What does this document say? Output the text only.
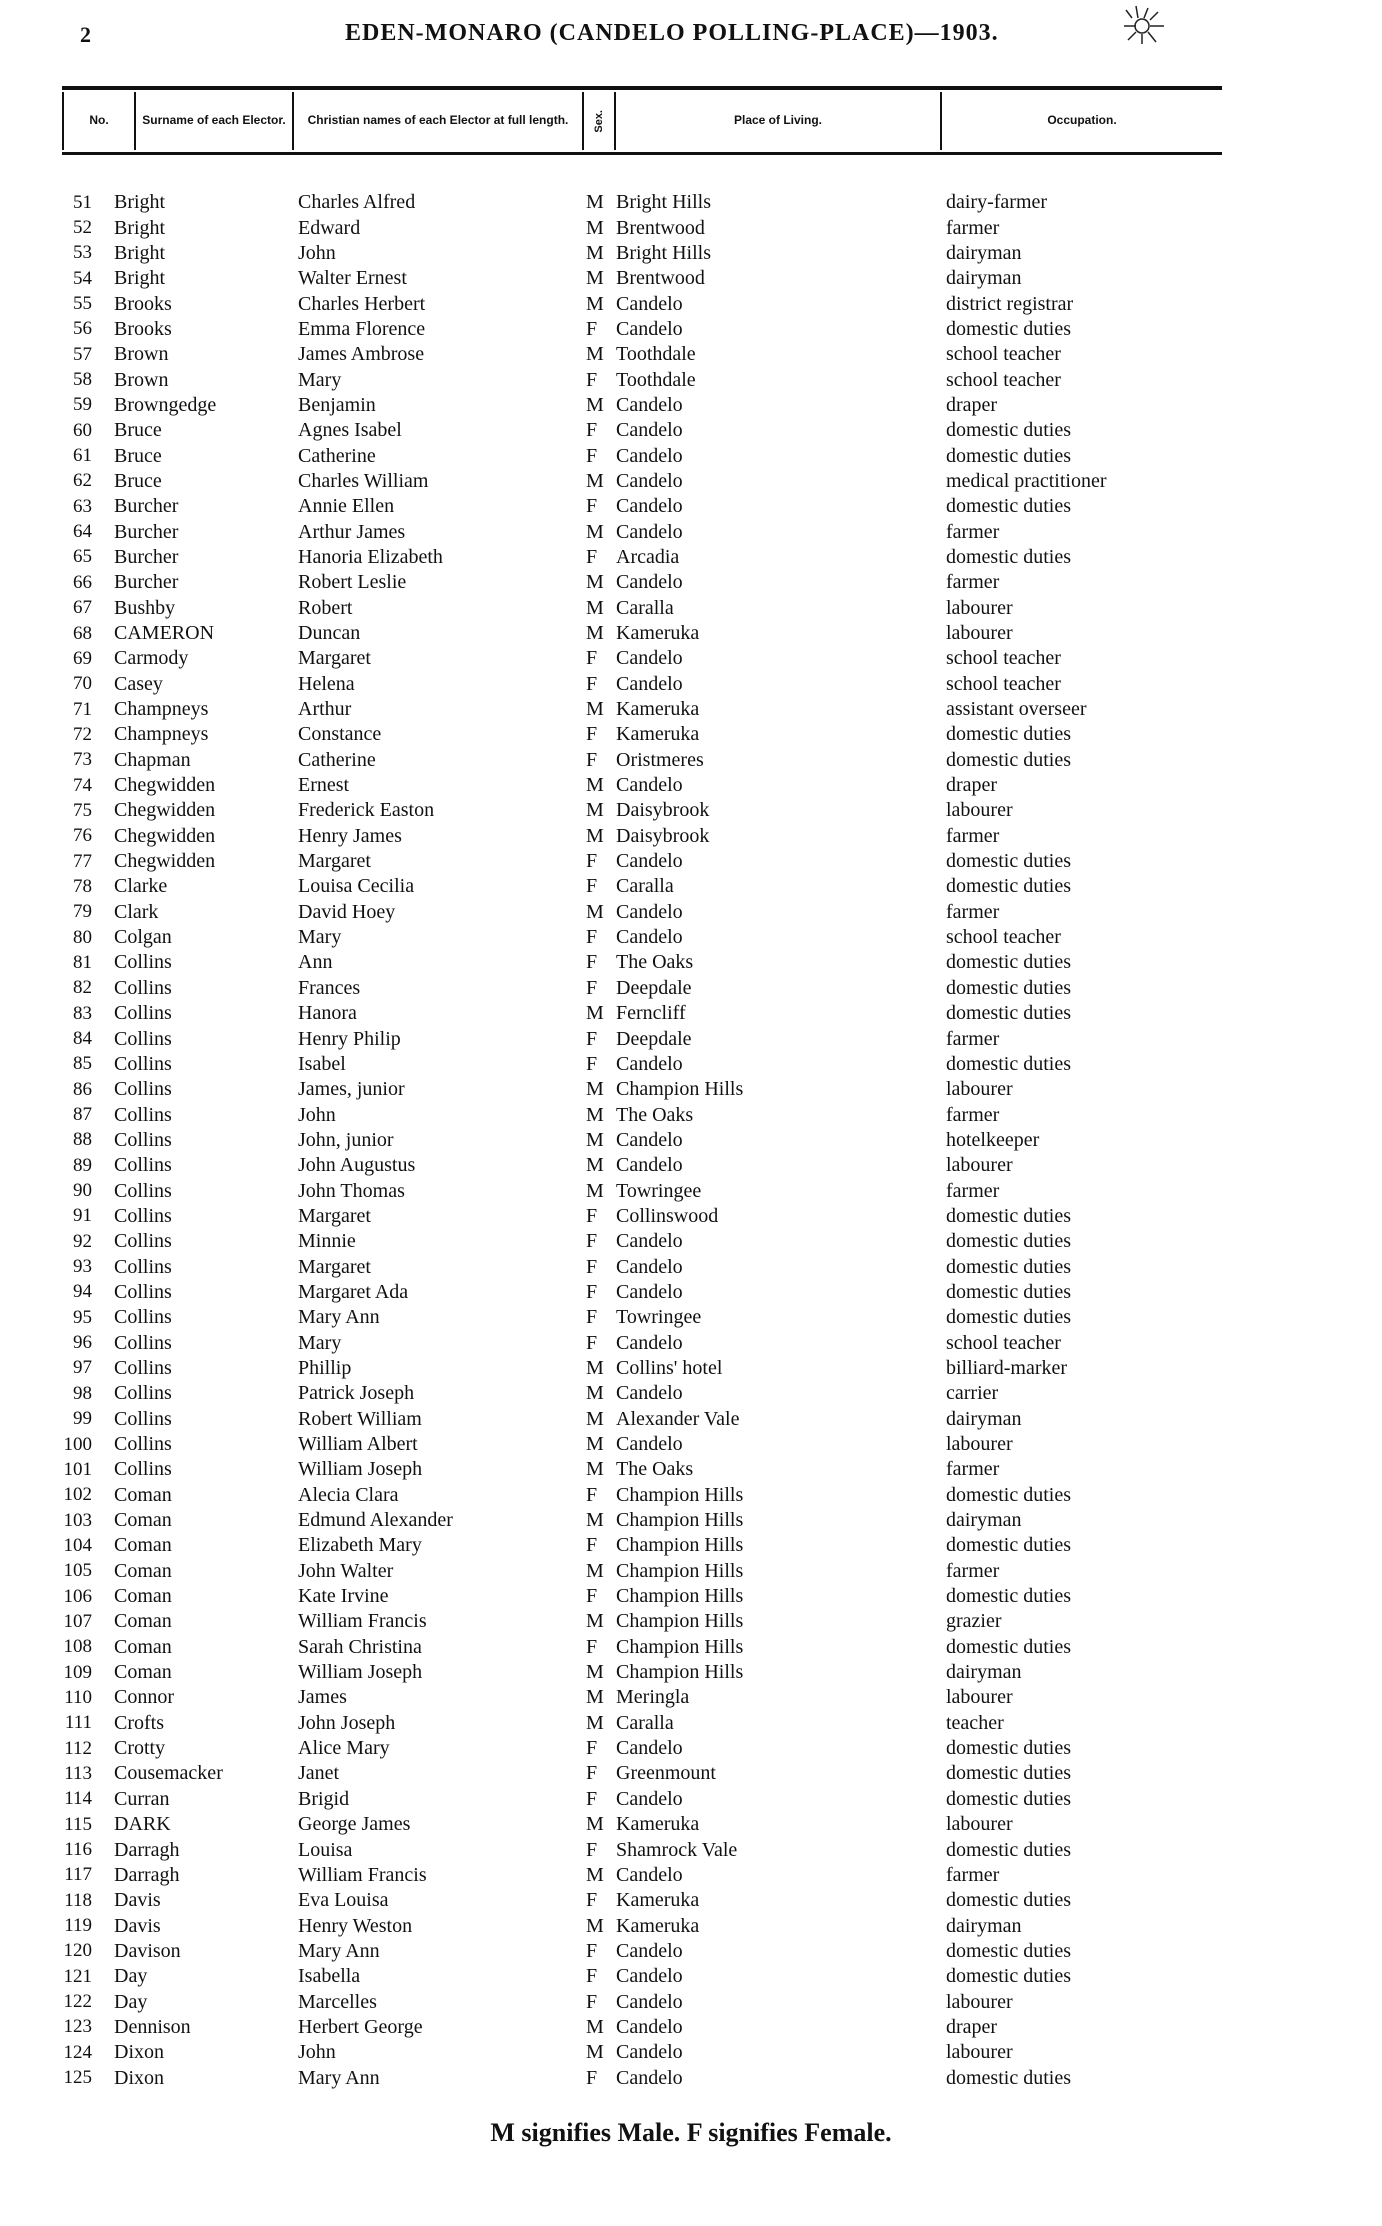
2	EDEN-MONARO (CANDELO POLLING-PLACE)—1903.
No.	Surname of each Elector.	Christian names of each Elector at full length.	Sex.	Place of Living.	Occupation.
51	Bright	Charles Alfred	M Bright Hills	dairy-farmer
52	Bright	Edward	M Brentwood	farmer
53	Bright	John	M Bright Hills	dairyman
54	Bright	Walter Ernest	M Brentwood	dairyman
55	Brooks	Charles Herbert	M Candelo	district registrar
56	Brooks	Emma Florence	F Candelo	domestic duties
57	Brown	James Ambrose	M Toothdale	school teacher
58	Brown	Mary	F Toothdale	school teacher
59	Browngedge	Benjamin	M Candelo	draper
60	Bruce	Agnes Isabel	F Candelo	domestic duties
61	Bruce	Catherine	F Candelo	domestic duties
62	Bruce	Charles William	M Candelo	medical practitioner
63	Burcher	Annie Ellen	F Candelo	domestic duties
64	Burcher	Arthur James	M Candelo	farmer
65	Burcher	Hanoria Elizabeth	F Arcadia	domestic duties
66	Burcher	Robert Leslie	M Candelo	farmer
67	Bushby	Robert	M Caralla	labourer
68	CAMERON	Duncan	M Kameruka	labourer
69	Carmody	Margaret	F Candelo	school teacher
70	Casey	Helena	F Candelo	school teacher
71	Champneys	Arthur	M Kameruka	assistant overseer
72	Champneys	Constance	F Kameruka	domestic duties
73	Chapman	Catherine	F Oristmeres	domestic duties
74	Chegwidden	Ernest	M Candelo	draper
75	Chegwidden	Frederick Easton	M Daisybrook	labourer
76	Chegwidden	Henry James	M Daisybrook	farmer
77	Chegwidden	Margaret	F Candelo	domestic duties
78	Clarke	Louisa Cecilia	F Caralla	domestic duties
79	Clark	David Hoey	M Candelo	farmer
80	Colgan	Mary	F Candelo	school teacher
81	Collins	Ann	F The Oaks	domestic duties
82	Collins	Frances	F Deepdale	domestic duties
83	Collins	Hanora	M Ferncliff	domestic duties
84	Collins	Henry Philip	F Deepdale	farmer
85	Collins	Isabel	F Candelo	domestic duties
86	Collins	James, junior	M Champion Hills	labourer
87	Collins	John	M The Oaks	farmer
88	Collins	John, junior	M Candelo	hotelkeeper
89	Collins	John Augustus	M Candelo	labourer
90	Collins	John Thomas	M Towringee	farmer
91	Collins	Margaret	F Collinswood	domestic duties
92	Collins	Minnie	F Candelo	domestic duties
93	Collins	Margaret	F Candelo	domestic duties
94	Collins	Margaret Ada	F Candelo	domestic duties
95	Collins	Mary Ann	F Towringee	domestic duties
96	Collins	Mary	F Candelo	school teacher
97	Collins	Phillip	M Collins' hotel	billiard-marker
98	Collins	Patrick Joseph	M Candelo	carrier
99	Collins	Robert William	M Alexander Vale	dairyman
100	Collins	William Albert	M Candelo	labourer
101	Collins	William Joseph	M The Oaks	farmer
102	Coman	Alecia Clara	F Champion Hills	domestic duties
103	Coman	Edmund Alexander	M Champion Hills	dairyman
104	Coman	Elizabeth Mary	F Champion Hills	domestic duties
105	Coman	John Walter	M Champion Hills	farmer
106	Coman	Kate Irvine	F Champion Hills	domestic duties
107	Coman	William Francis	M Champion Hills	grazier
108	Coman	Sarah Christina	F Champion Hills	domestic duties
109	Coman	William Joseph	M Champion Hills	dairyman
110	Connor	James	M Meringla	labourer
111	Crofts	John Joseph	M Caralla	teacher
112	Crotty	Alice Mary	F Candelo	domestic duties
113	Cousemacker	Janet	F Greenmount	domestic duties
114	Curran	Brigid	F Candelo	domestic duties
115	DARK	George James	M Kameruka	labourer
116	Darragh	Louisa	F Shamrock Vale	domestic duties
117	Darragh	William Francis	M Candelo	farmer
118	Davis	Eva Louisa	F Kameruka	domestic duties
119	Davis	Henry Weston	M Kameruka	dairyman
120	Davison	Mary Ann	F Candelo	domestic duties
121	Day	Isabella	F Candelo	domestic duties
122	Day	Marcelles	F Candelo	labourer
123	Dennison	Herbert George	M Candelo	draper
124	Dixon	John	M Candelo	labourer
125	Dixon	Mary Ann	F Candelo	domestic duties
M signifies Male. F signifies Female.
